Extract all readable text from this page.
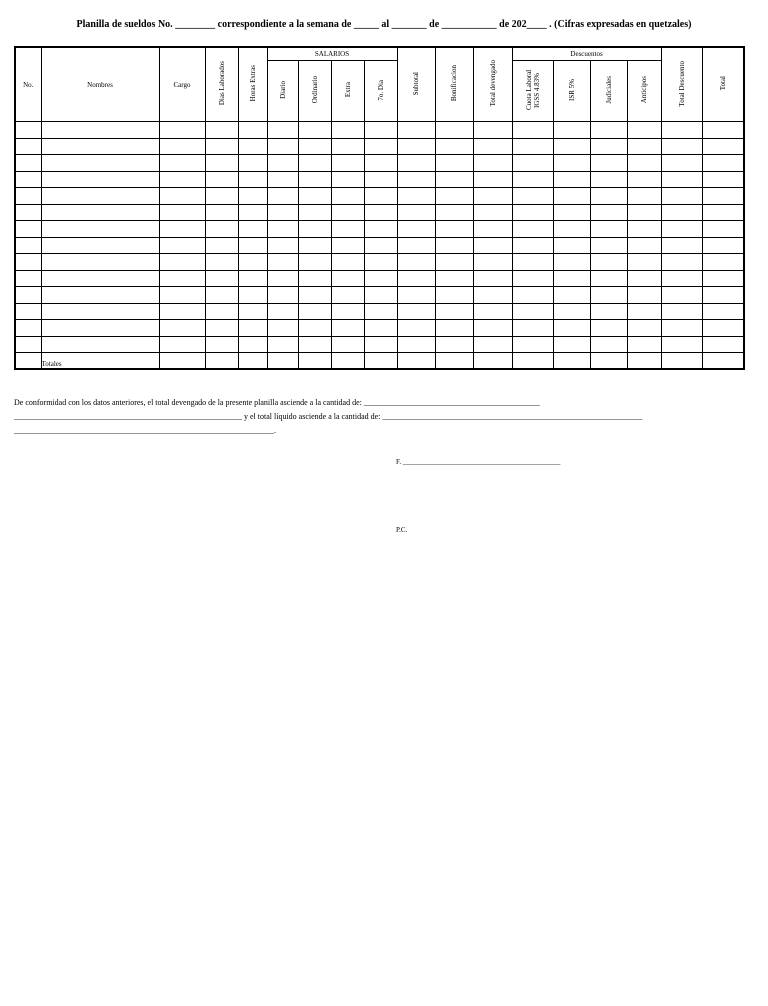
Planilla de sueldos No. ________ correspondiente a la semana de _____ al _______ de ___________ de 202____ . (Cifras expresadas en quetzales)
No.	Nombres	Cargo	Dias Laborados	Horas Extras	SALARIOS				Subtotal	Bonificacion	Total devengado	Descuentos				Total Descuento	Total
					Diario	Ordinario	Extra	7o. Dia				Cuota Laboral IGSS 4.83%	ISR 5%	Judiciales	Anticipos		

	Totales																
De conformidad con los datos anteriores, el total devengado de la presente planilla asciende a la cantidad de: ____________________________________________
_________________________________________________________ y el total líquido asciende a la cantidad de: _________________________________________________________________
_________________________________________________________________.
F. _____________________________________________
P.C.
